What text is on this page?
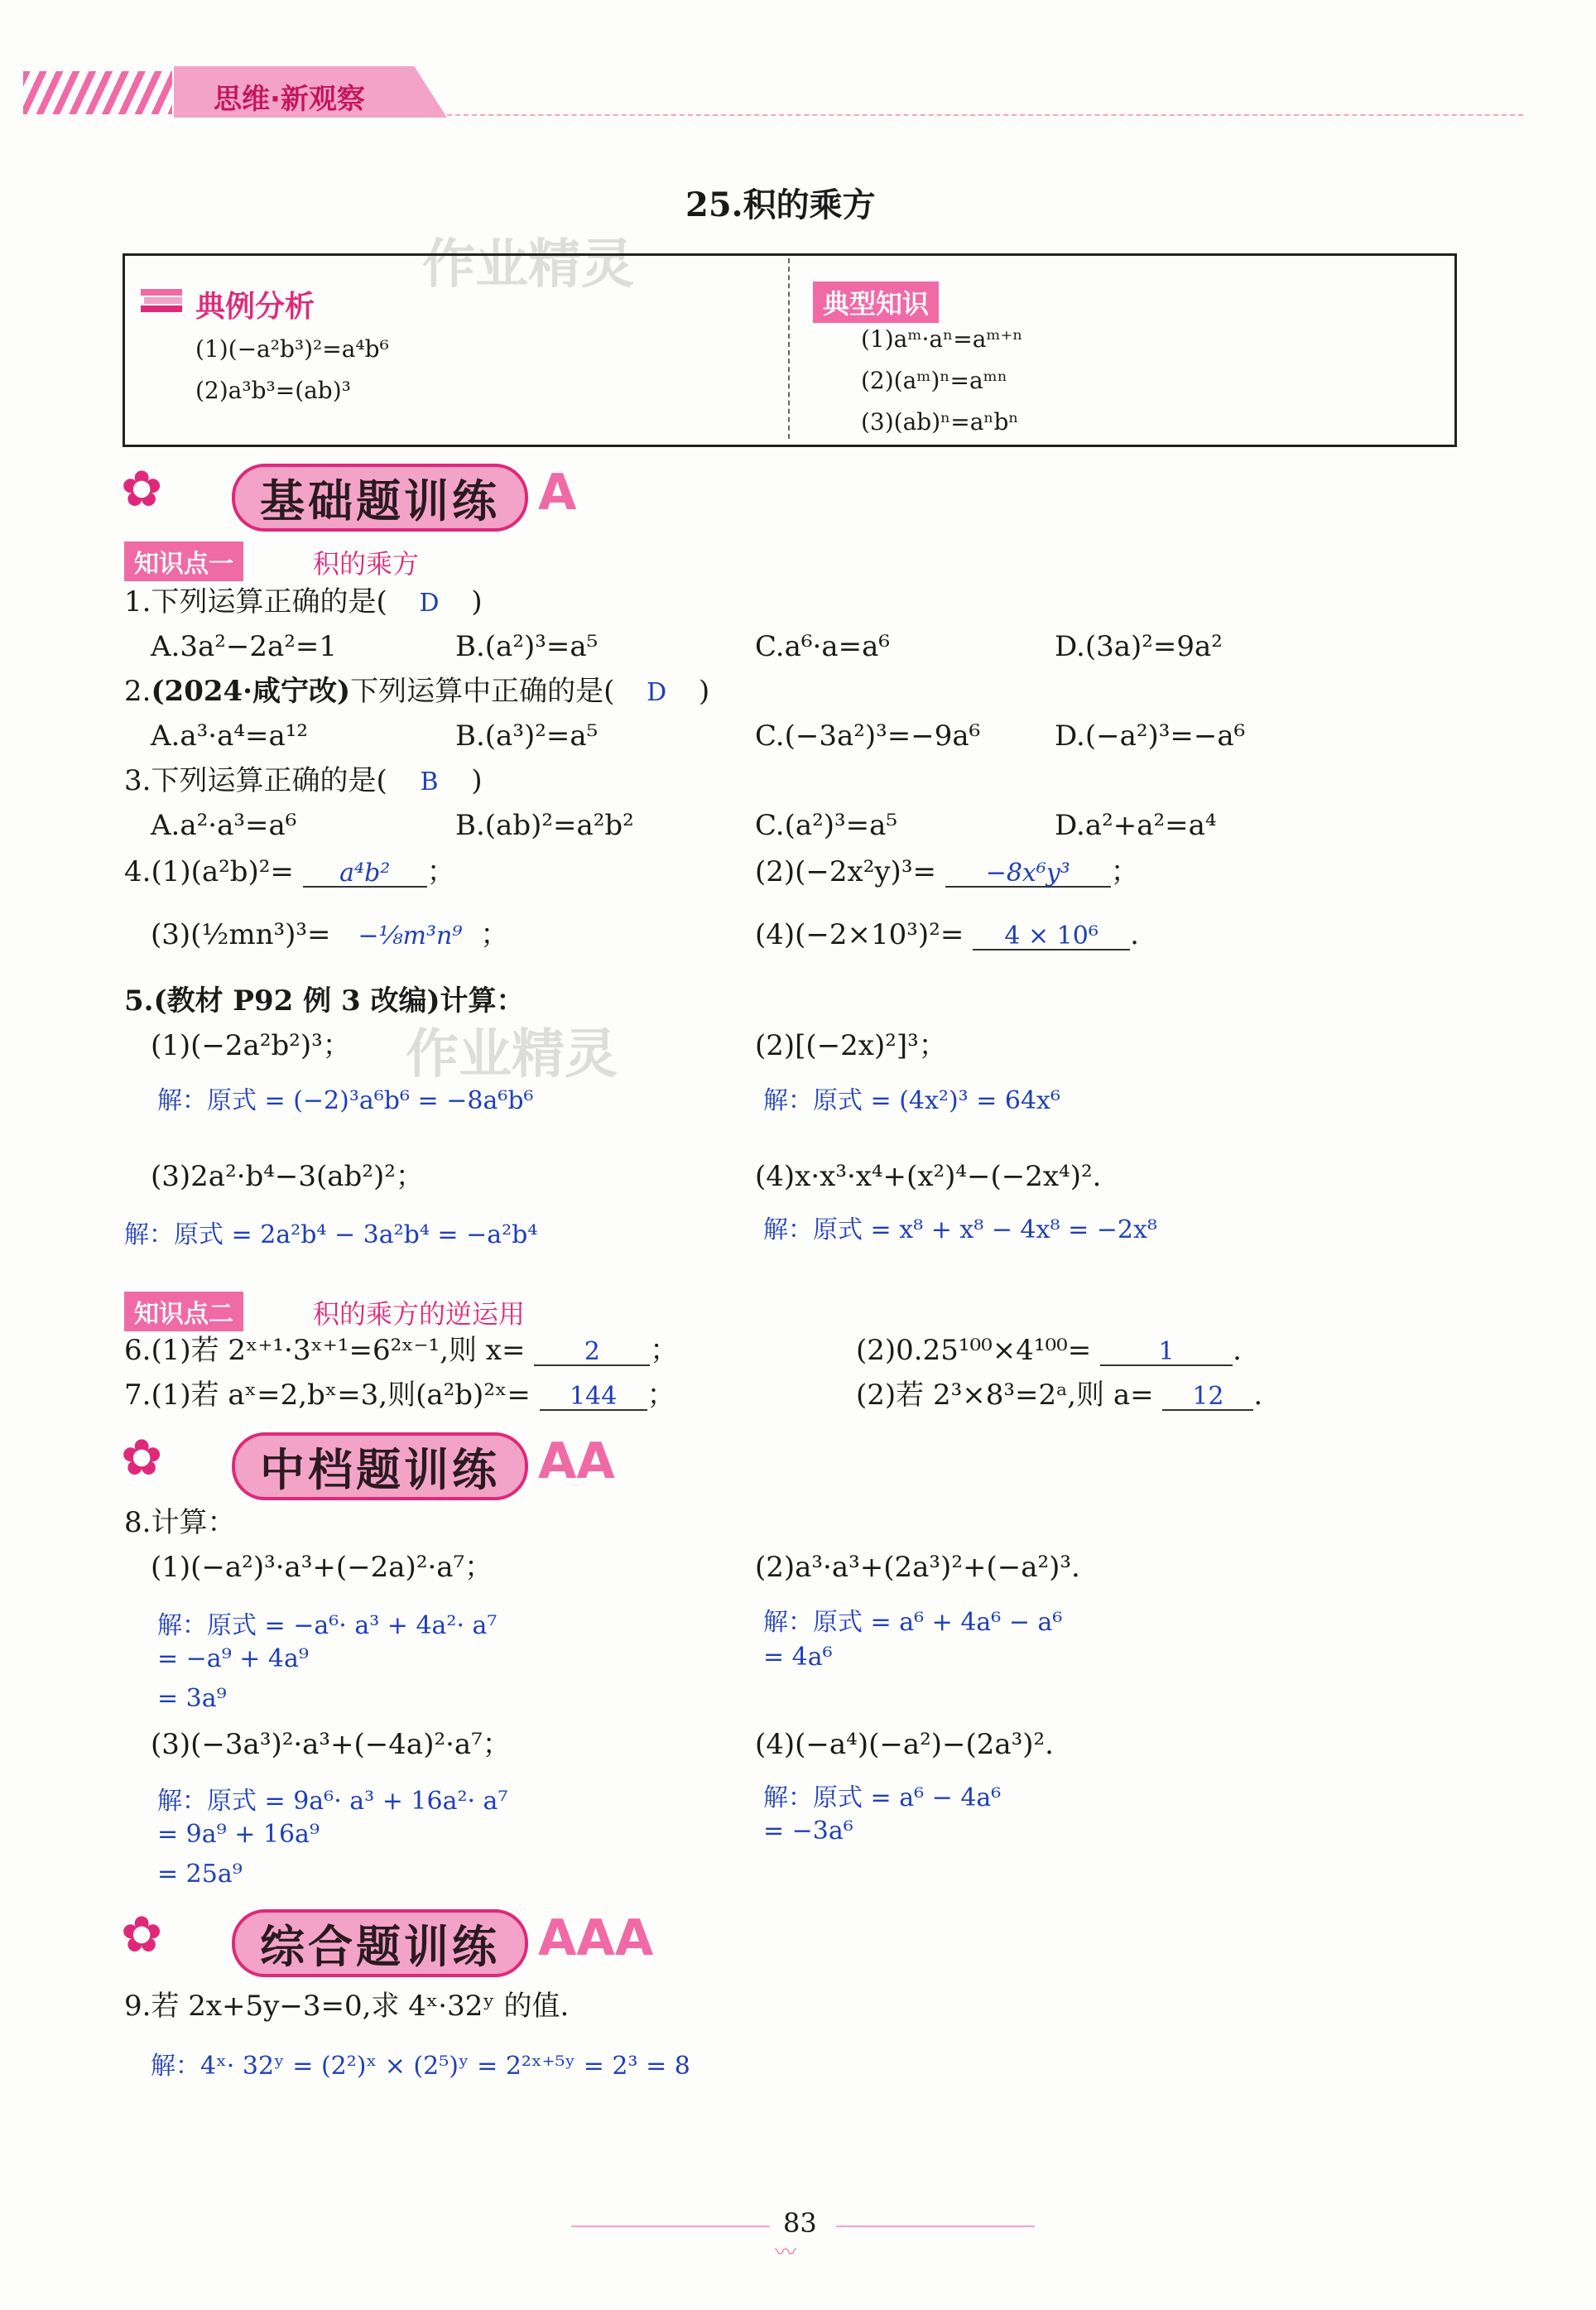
思维·新观察
25.积的乘方
作业精灵
典例分析
(1)(−a²b³)²=a⁴b⁶
(2)a³b³=(ab)³
典型知识
(1)aᵐ·aⁿ=aᵐ⁺ⁿ
(2)(aᵐ)ⁿ=aᵐⁿ
(3)(ab)ⁿ=aⁿbⁿ
✿ 基础题训练 A
知识点一	积的乘方
1.下列运算正确的是( D )
A.3a²−2a²=1	B.(a²)³=a⁵	C.a⁶·a=a⁶	D.(3a)²=9a²
2.(2024·咸宁改)下列运算中正确的是( D )
A.a³·a⁴=a¹²	B.(a³)²=a⁵	C.(−3a²)³=−9a⁶	D.(−a²)³=−a⁶
3.下列运算正确的是( B )
A.a²·a³=a⁶	B.(ab)²=a²b²	C.(a²)³=a⁵	D.a²+a²=a⁴
4.(1)(a²b)²= a⁴b² ；	(2)(−2x²y)³= −8x⁶y³ ；
(3)(½mn³)³= −⅛m³n⁹ ；	(4)(−2×10³)²= 4 × 10⁶ .
5.(教材 P92 例 3 改编)计算：
作业精灵
(1)(−2a²b²)³；
解：原式 = (−2)³a⁶b⁶ = −8a⁶b⁶
(2)[(−2x)²]³；
解：原式 = (4x²)³ = 64x⁶
(3)2a²·b⁴−3(ab²)²；
解：原式 = 2a²b⁴ − 3a²b⁴ = −a²b⁴
(4)x·x³·x⁴+(x²)⁴−(−2x⁴)².
解：原式 = x⁸ + x⁸ − 4x⁸ = −2x⁸
知识点二	积的乘方的逆运用
6.(1)若 2ˣ⁺¹·3ˣ⁺¹=6²ˣ⁻¹,则 x= 2 ；	(2)0.25¹⁰⁰×4¹⁰⁰=	1 .
7.(1)若 aˣ=2,bˣ=3,则(a²b)²ˣ= 144 ；	(2)若 2³×8³=2ᵃ,则 a= 12 .
✿ 中档题训练 AA
8.计算：
(1)(−a²)³·a³+(−2a)²·a⁷；
解：原式 = −a⁶· a³ + 4a²· a⁷
= −a⁹ + 4a⁹
= 3a⁹
(2)a³·a³+(2a³)²+(−a²)³.
解：原式 = a⁶ + 4a⁶ − a⁶
= 4a⁶
(3)(−3a³)²·a³+(−4a)²·a⁷；
解：原式 = 9a⁶· a³ + 16a²· a⁷
= 9a⁹ + 16a⁹
= 25a⁹
(4)(−a⁴)(−a²)−(2a³)².
解：原式 = a⁶ − 4a⁶
= −3a⁶
✿ 综合题训练 AAA
9.若 2x+5y−3=0,求 4ˣ·32ʸ 的值.
解：4ˣ· 32ʸ = (2²)ˣ × (2⁵)ʸ = 2²ˣ⁺⁵ʸ = 2³ = 8
83
〰
